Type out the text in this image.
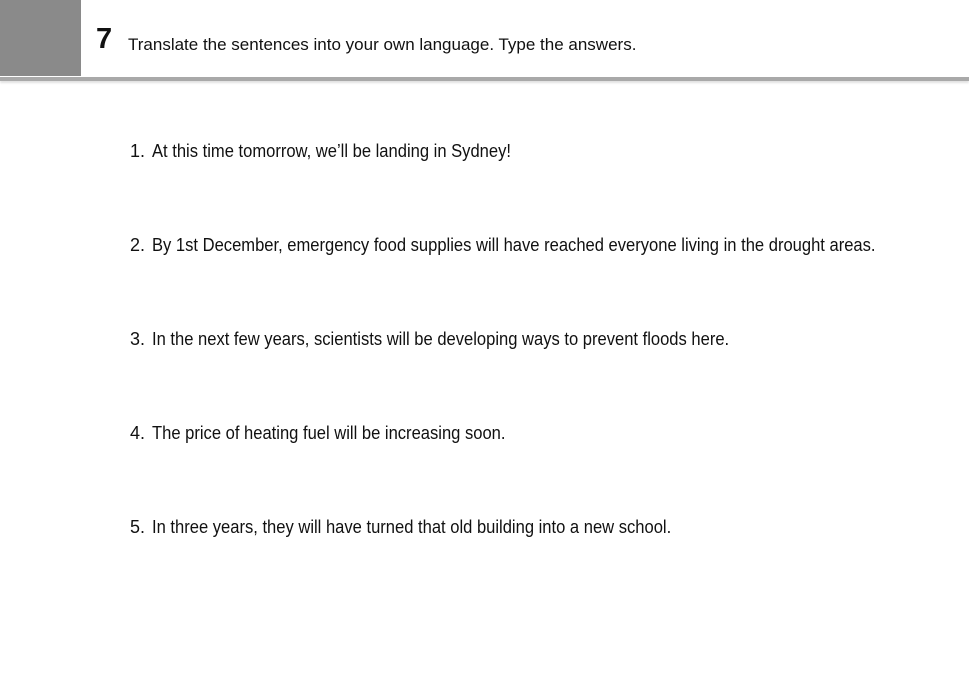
7 Translate the sentences into your own language. Type the answers.
1. At this time tomorrow, we’ll be landing in Sydney!
2. By 1st December, emergency food supplies will have reached everyone living in the drought areas.
3. In the next few years, scientists will be developing ways to prevent floods here.
4. The price of heating fuel will be increasing soon.
5. In three years, they will have turned that old building into a new school.
